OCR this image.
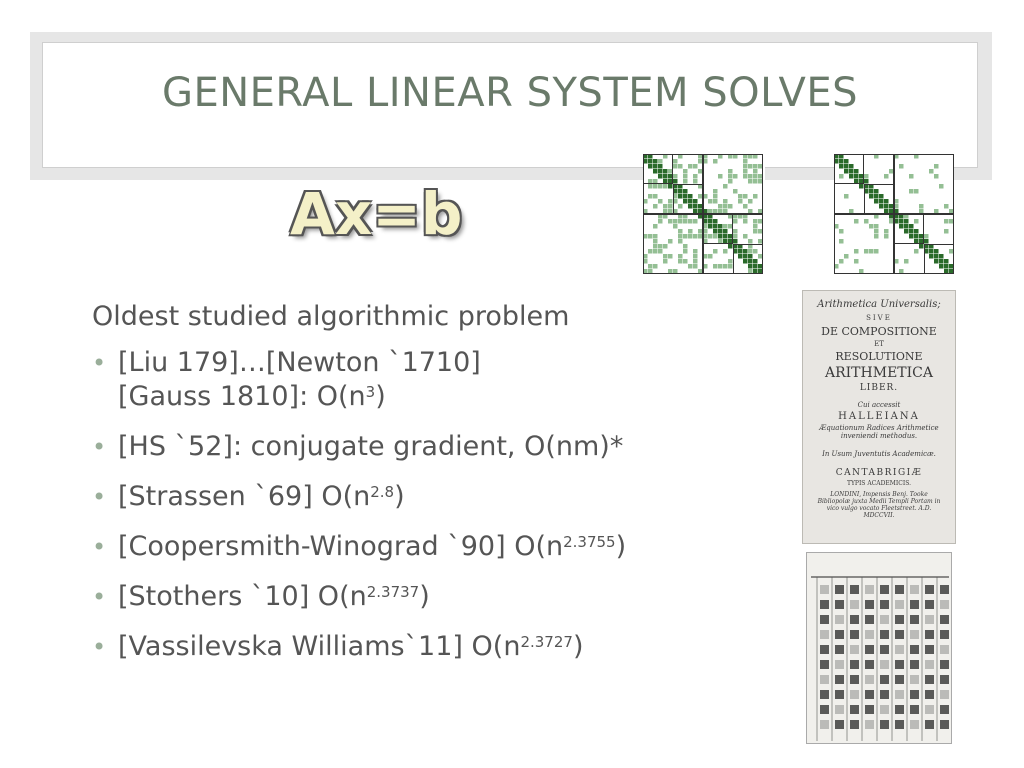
GENERAL LINEAR SYSTEM SOLVES
Ax=b

Oldest studied algorithmic problem

• [Liu 179]…[Newton `1710]
[Gauss 1810]: $O(n^3)$
• [HS `52]: conjugate gradient, O(nm)*
• [Strassen `69] $O(n^{2.8})$
• [Coopersmith-Winograd `90] $O(n^{2.3755})$
• [Stothers `10] $O(n^{2.3737})$
• [Vassilevska Williams`11] $O(n^{2.3727})$
Arithmetica Universalis;
SIVE
DE COMPOSITIONE
ET
RESOLUTIONE
ARITHMETICA
LIBER.
Cui accessit
HALLEIANA
Æquationum Radices Arithmetice inveniendi methodus.
In Usum Juventutis Academicæ.
CANTABRIGIÆ
TYPIS ACADEMICIS.
LONDINI, Impensis Benj. Tooke Bibliopolæ juxta Medii Templi Portam in vico vulgo vocato Fleetstreet. A.D. MDCCVII.
